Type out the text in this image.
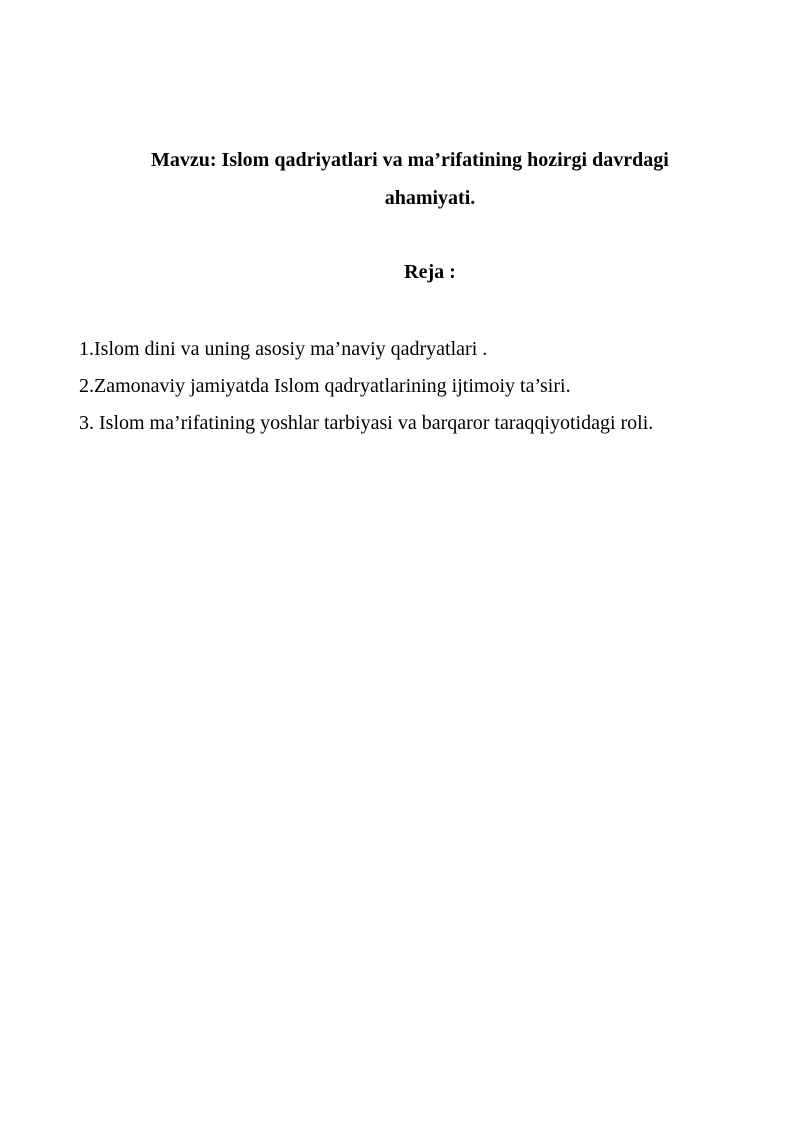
Mavzu: Islom qadriyatlari va ma’rifatining hozirgi davrdagi
ahamiyati.
Reja :
1.Islom dini va uning asosiy ma’naviy qadryatlari .
2.Zamonaviy jamiyatda Islom qadryatlarining ijtimoiy ta’siri.
3. Islom ma’rifatining yoshlar tarbiyasi va barqaror taraqqiyotidagi roli.
